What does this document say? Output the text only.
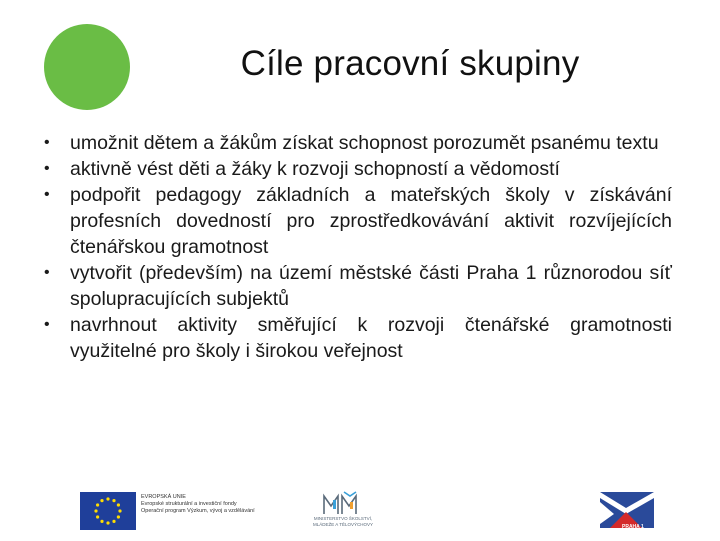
Cíle pracovní skupiny
• umožnit dětem a žákům získat schopnost porozumět psanému textu
• aktivně vést děti a žáky k rozvoji schopností a vědomostí
• podpořit pedagogy základních a mateřských školy v získávání profesních dovedností pro zprostředkovávání aktivit rozvíjejících čtenářskou gramotnost
• vytvořit (především) na území městské části Praha 1 různorodou síť spolupracujících subjektů
• navrhnout aktivity směřující k rozvoji čtenářské gramotnosti využitelné pro školy i širokou veřejnost
EVROPSKÁ UNIE
Evropské strukturální a investiční fondy
Operační program Výzkum, vývoj a vzdělávání
MINISTERSTVO ŠKOLSTVÍ,
MLÁDEŽE A TĚLOVÝCHOVY	PRAHA 1
